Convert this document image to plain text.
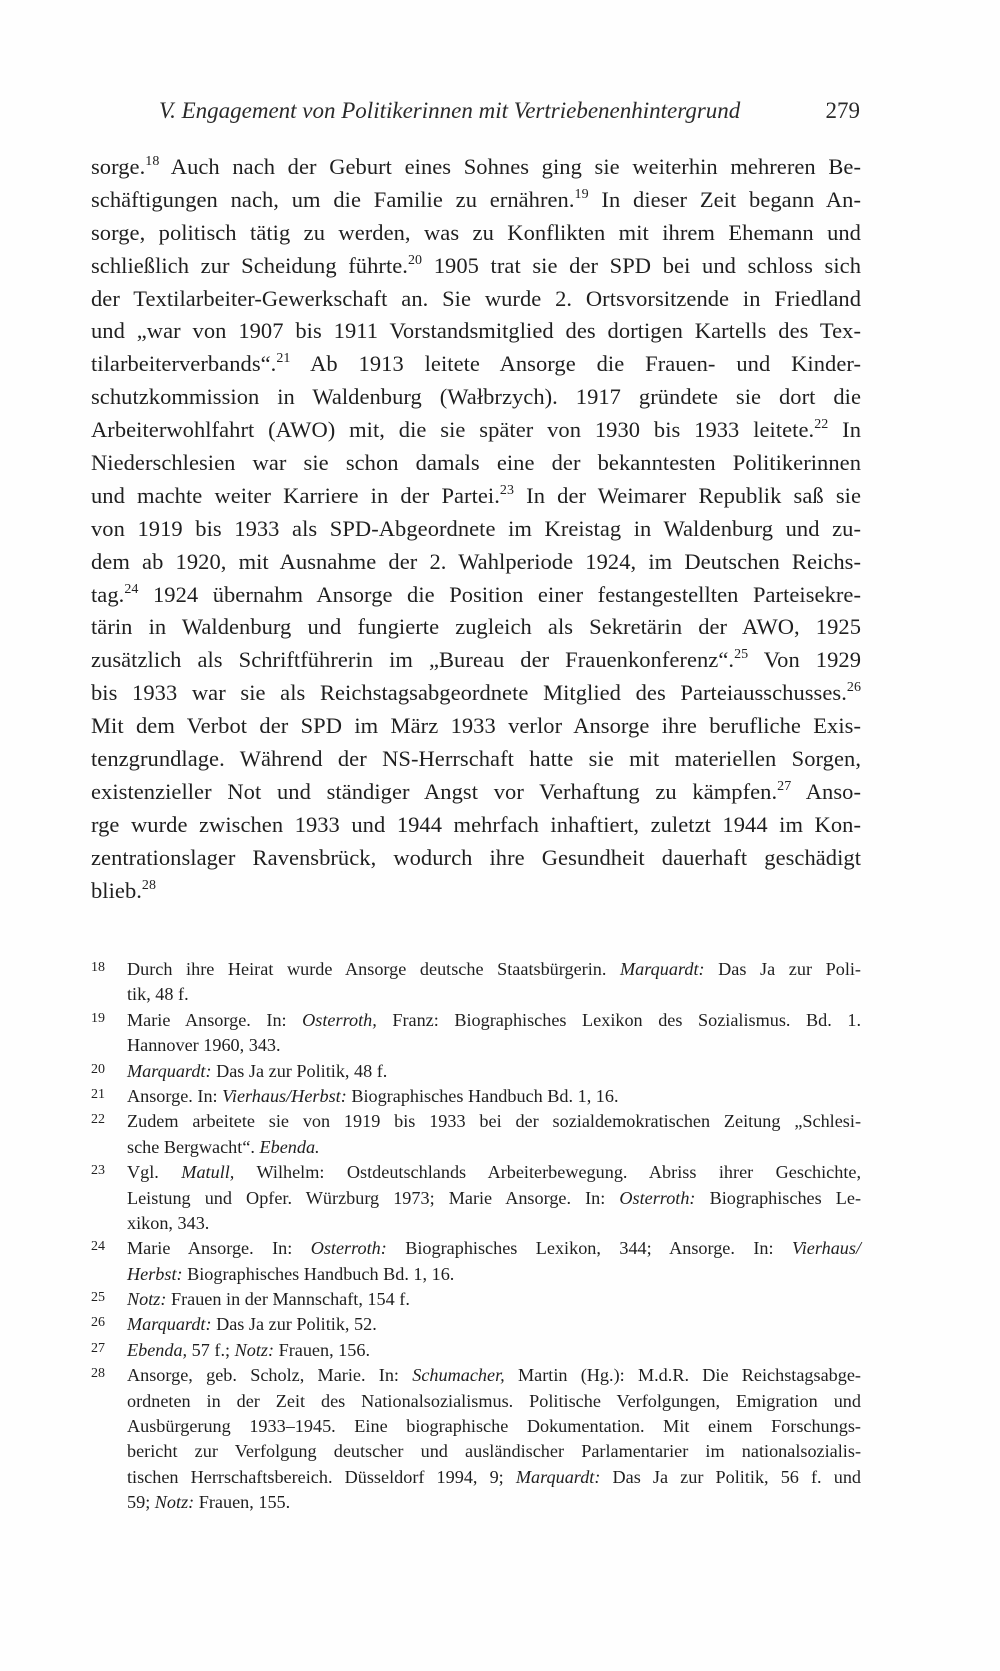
V. Engagement von Politikerinnen mit Vertriebenenhintergrund	279
sorge.$^{18}$ Auch nach der Geburt eines Sohnes ging sie weiterhin mehreren Be-
schäftigungen nach, um die Familie zu ernähren.$^{19}$ In dieser Zeit begann An-
sorge, politisch tätig zu werden, was zu Konflikten mit ihrem Ehemann und
schließlich zur Scheidung führte.$^{20}$ 1905 trat sie der SPD bei und schloss sich
der Textilarbeiter-Gewerkschaft an. Sie wurde 2. Ortsvorsitzende in Friedland
und „war von 1907 bis 1911 Vorstandsmitglied des dortigen Kartells des Tex-
tilarbeiterverbands“.$^{21}$ Ab 1913 leitete Ansorge die Frauen- und Kinder-
schutzkommission in Waldenburg (Wałbrzych). 1917 gründete sie dort die
Arbeiterwohlfahrt (AWO) mit, die sie später von 1930 bis 1933 leitete.$^{22}$ In
Niederschlesien war sie schon damals eine der bekanntesten Politikerinnen
und machte weiter Karriere in der Partei.$^{23}$ In der Weimarer Republik saß sie
von 1919 bis 1933 als SPD-Abgeordnete im Kreistag in Waldenburg und zu-
dem ab 1920, mit Ausnahme der 2. Wahlperiode 1924, im Deutschen Reichs-
tag.$^{24}$ 1924 übernahm Ansorge die Position einer festangestellten Parteisekre-
tärin in Waldenburg und fungierte zugleich als Sekretärin der AWO, 1925
zusätzlich als Schriftführerin im „Bureau der Frauenkonferenz“.$^{25}$ Von 1929
bis 1933 war sie als Reichstagsabgeordnete Mitglied des Parteiausschusses.$^{26}$
Mit dem Verbot der SPD im März 1933 verlor Ansorge ihre berufliche Exis-
tenzgrundlage. Während der NS-Herrschaft hatte sie mit materiellen Sorgen,
existenzieller Not und ständiger Angst vor Verhaftung zu kämpfen.$^{27}$ Anso-
rge wurde zwischen 1933 und 1944 mehrfach inhaftiert, zuletzt 1944 im Kon-
zentrationslager Ravensbrück, wodurch ihre Gesundheit dauerhaft geschädigt
blieb.$^{28}$
18 Durch ihre Heirat wurde Ansorge deutsche Staatsbürgerin. Marquardt: Das Ja zur Poli-
tik, 48 f.
19 Marie Ansorge. In: Osterroth, Franz: Biographisches Lexikon des Sozialismus. Bd. 1.
Hannover 1960, 343.
20 Marquardt: Das Ja zur Politik, 48 f.
21 Ansorge. In: Vierhaus/Herbst: Biographisches Handbuch Bd. 1, 16.
22 Zudem arbeitete sie von 1919 bis 1933 bei der sozialdemokratischen Zeitung „Schlesi-
sche Bergwacht“. Ebenda.
23 Vgl. Matull, Wilhelm: Ostdeutschlands Arbeiterbewegung. Abriss ihrer Geschichte,
Leistung und Opfer. Würzburg 1973; Marie Ansorge. In: Osterroth: Biographisches Le-
xikon, 343.
24 Marie Ansorge. In: Osterroth: Biographisches Lexikon, 344; Ansorge. In: Vierhaus/
Herbst: Biographisches Handbuch Bd. 1, 16.
25 Notz: Frauen in der Mannschaft, 154 f.
26 Marquardt: Das Ja zur Politik, 52.
27 Ebenda, 57 f.; Notz: Frauen, 156.
28 Ansorge, geb. Scholz, Marie. In: Schumacher, Martin (Hg.): M.d.R. Die Reichstagsabge-
ordneten in der Zeit des Nationalsozialismus. Politische Verfolgungen, Emigration und
Ausbürgerung 1933–1945. Eine biographische Dokumentation. Mit einem Forschungs-
bericht zur Verfolgung deutscher und ausländischer Parlamentarier im nationalsozialis-
tischen Herrschaftsbereich. Düsseldorf 1994, 9; Marquardt: Das Ja zur Politik, 56 f. und
59; Notz: Frauen, 155.
